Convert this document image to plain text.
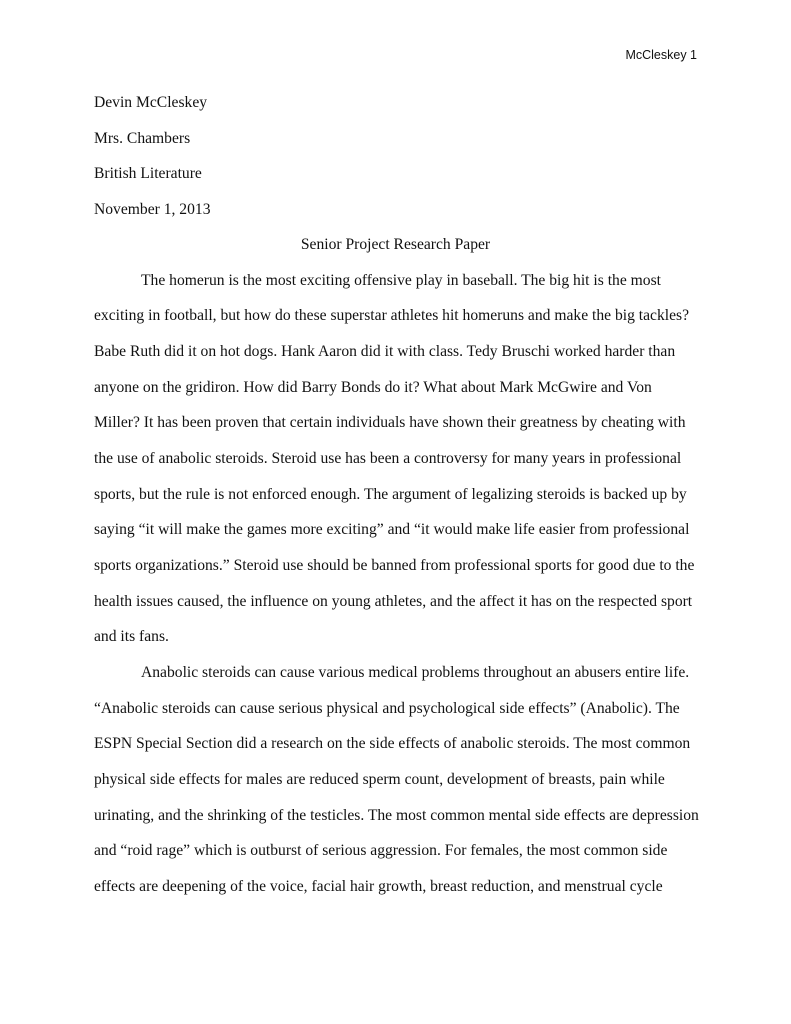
McCleskey 1
Devin McCleskey
Mrs. Chambers
British Literature
November 1, 2013
Senior Project Research Paper
The homerun is the most exciting offensive play in baseball. The big hit is the most
exciting in football, but how do these superstar athletes hit homeruns and make the big tackles?
Babe Ruth did it on hot dogs. Hank Aaron did it with class. Tedy Bruschi worked harder than
anyone on the gridiron. How did Barry Bonds do it? What about Mark McGwire and Von
Miller? It has been proven that certain individuals have shown their greatness by cheating with
the use of anabolic steroids. Steroid use has been a controversy for many years in professional
sports, but the rule is not enforced enough. The argument of legalizing steroids is backed up by
saying “it will make the games more exciting” and “it would make life easier from professional
sports organizations.” Steroid use should be banned from professional sports for good due to the
health issues caused, the influence on young athletes, and the affect it has on the respected sport
and its fans.
Anabolic steroids can cause various medical problems throughout an abusers entire life.
“Anabolic steroids can cause serious physical and psychological side effects” (Anabolic). The
ESPN Special Section did a research on the side effects of anabolic steroids. The most common
physical side effects for males are reduced sperm count, development of breasts, pain while
urinating, and the shrinking of the testicles. The most common mental side effects are depression
and “roid rage” which is outburst of serious aggression. For females, the most common side
effects are deepening of the voice, facial hair growth, breast reduction, and menstrual cycle
